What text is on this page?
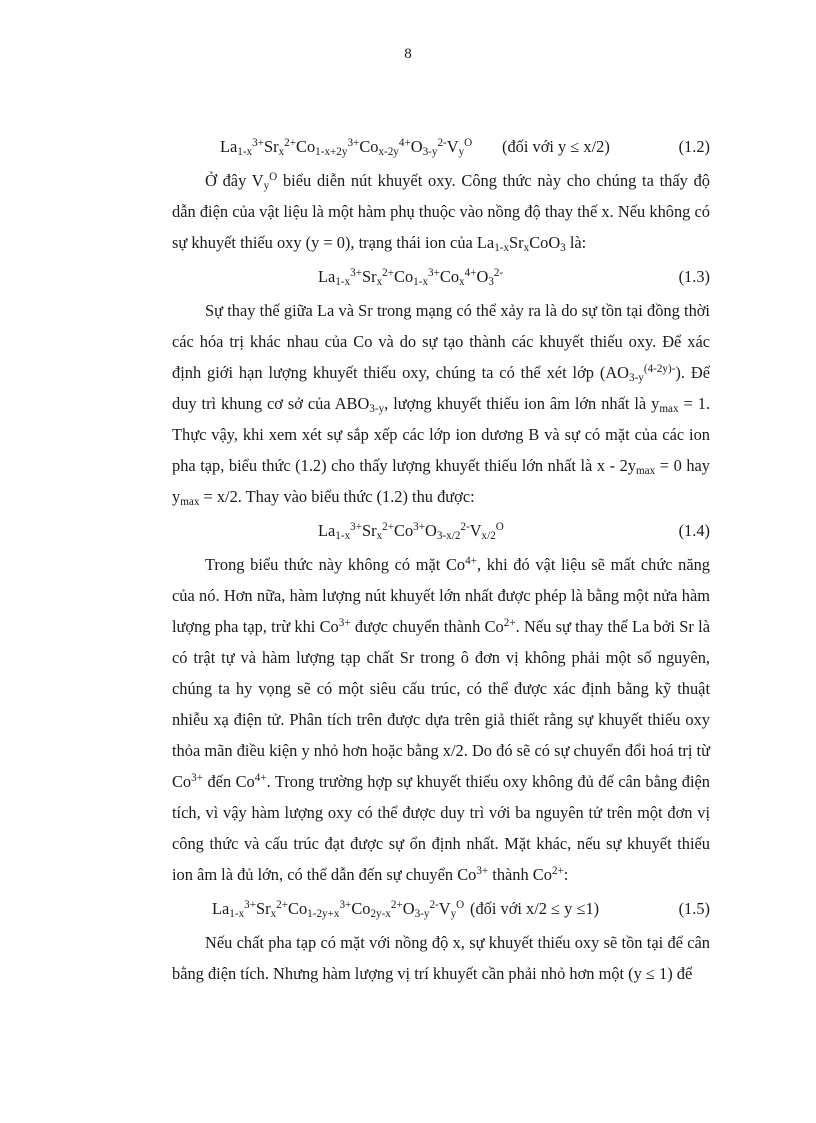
8
$La_{1-x}^{3+}Sr_x^{2+}Co_{1-x+2y}^{3+}Co_{x-2y}^{4+}O_{3-y}^{2-}V_y^O$ (đối với y ≤ x/2)	(1.2)

Ở đây $V_y^O$ biểu diễn nút khuyết oxy. Công thức này cho chúng ta thấy độ dẫn điện của vật liệu là một hàm phụ thuộc vào nồng độ thay thế x. Nếu không có sự khuyết thiếu oxy (y = 0), trạng thái ion của $La_{1-x}Sr_xCoO_3$ là:

$La_{1-x}^{3+}Sr_x^{2+}Co_{1-x}^{3+}Co_x^{4+}O_3^{2-}$	(1.3)

Sự thay thế giữa La và Sr trong mạng có thể xảy ra là do sự tồn tại đồng thời các hóa trị khác nhau của Co và do sự tạo thành các khuyết thiếu oxy. Để xác định giới hạn lượng khuyết thiếu oxy, chúng ta có thể xét lớp $(AO_{3-y}^{(4-2y)-})$. Để duy trì khung cơ sở của $ABO_{3-y}$, lượng khuyết thiếu ion âm lớn nhất là $y_{max} = 1$. Thực vậy, khi xem xét sự sắp xếp các lớp ion dương B và sự có mặt của các ion pha tạp, biểu thức (1.2) cho thấy lượng khuyết thiếu lớn nhất là $x - 2y_{max} = 0$ hay $y_{max} = x/2$. Thay vào biểu thức (1.2) thu được:

$La_{1-x}^{3+}Sr_x^{2+}Co^{3+}O_{3-x/2}^{2-}V_{x/2}^O$	(1.4)

Trong biểu thức này không có mặt $Co^{4+}$, khi đó vật liệu sẽ mất chức năng của nó. Hơn nữa, hàm lượng nút khuyết lớn nhất được phép là bằng một nửa hàm lượng pha tạp, trừ khi $Co^{3+}$ được chuyển thành $Co^{2+}$. Nếu sự thay thế La bởi Sr là có trật tự và hàm lượng tạp chất Sr trong ô đơn vị không phải một số nguyên, chúng ta hy vọng sẽ có một siêu cấu trúc, có thể được xác định bằng kỹ thuật nhiễu xạ điện tử. Phân tích trên được dựa trên giả thiết rằng sự khuyết thiếu oxy thỏa mãn điều kiện y nhỏ hơn hoặc bằng x/2. Do đó sẽ có sự chuyển đổi hoá trị từ $Co^{3+}$ đến $Co^{4+}$. Trong trường hợp sự khuyết thiếu oxy không đủ để cân bằng điện tích, vì vậy hàm lượng oxy có thể được duy trì với ba nguyên tử trên một đơn vị công thức và cấu trúc đạt được sự ổn định nhất. Mặt khác, nếu sự khuyết thiếu ion âm là đủ lớn, có thể dẫn đến sự chuyển $Co^{3+}$ thành $Co^{2+}$:

$La_{1-x}^{3+}Sr_x^{2+}Co_{1-2y+x}^{3+}Co_{2y-x}^{2+}O_{3-y}^{2-}V_y^O$ (đối với x/2 ≤ y ≤1)	(1.5)

Nếu chất pha tạp có mặt với nồng độ x, sự khuyết thiếu oxy sẽ tồn tại để cân bằng điện tích. Nhưng hàm lượng vị trí khuyết cần phải nhỏ hơn một (y ≤ 1) để
